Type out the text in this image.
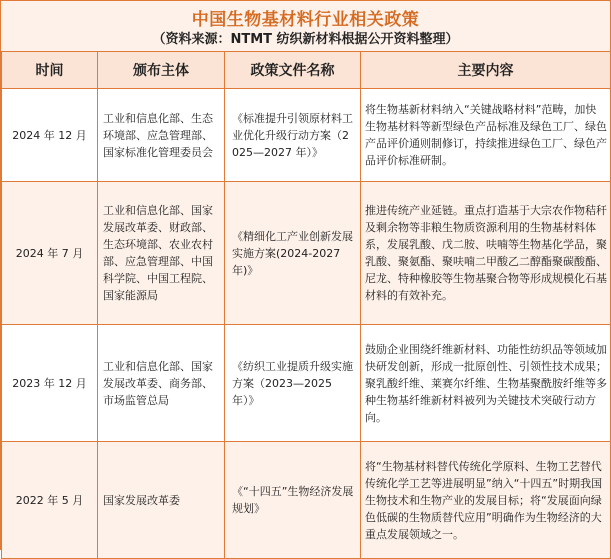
中国生物基材料行业相关政策
（资料来源：NTMT 纺织新材料根据公开资料整理）
时间	颁布主体	政策文件名称	主要内容
2024 年 12 月	工业和信息化部、生态环境部、应急管理部、国家标准化管理委员会	《标准提升引领原材料工业优化升级行动方案（2025—2027 年）》	将生物基新材料纳入“关键战略材料”范畴，加快生物基材料等新型绿色产品标准及绿色工厂、绿色产品评价通则制修订，持续推进绿色工厂、绿色产品评价标准研制。
2024 年 7 月	工业和信息化部、国家发展改革委、财政部、生态环境部、农业农村部、应急管理部、中国科学院、中国工程院、国家能源局	《精细化工产业创新发展实施方案(2024-2027 年)》	推进传统产业延链。重点打造基于大宗农作物秸秆及剩余物等非粮生物质资源利用的生物基材料体系，发展乳酸、戊二胺、呋喃等生物基化学品，聚乳酸、聚氨酯、聚呋喃二甲酸乙二醇酯聚碳酸酯、尼龙、特种橡胶等生物基聚合物等形成规模化石基材料的有效补充。
2023 年 12 月	工业和信息化部、国家发展改革委、商务部、市场监管总局	《纺织工业提质升级实施方案（2023—2025 年）》	鼓励企业围绕纤维新材料、功能性纺织品等领域加快研发创新，形成一批原创性、引领性技术成果；聚乳酸纤维、莱赛尔纤维、生物基聚酰胺纤维等多种生物基纤维新材料被列为关键技术突破行动方向。
2022 年 5 月	国家发展改革委	《“十四五”生物经济发展规划》	将“生物基材料替代传统化学原料、生物工艺替代传统化学工艺等进展明显”纳入“十四五”时期我国生物技术和生物产业的发展目标；将“发展面向绿色低碳的生物质替代应用”明确作为生物经济的大重点发展领域之一。
